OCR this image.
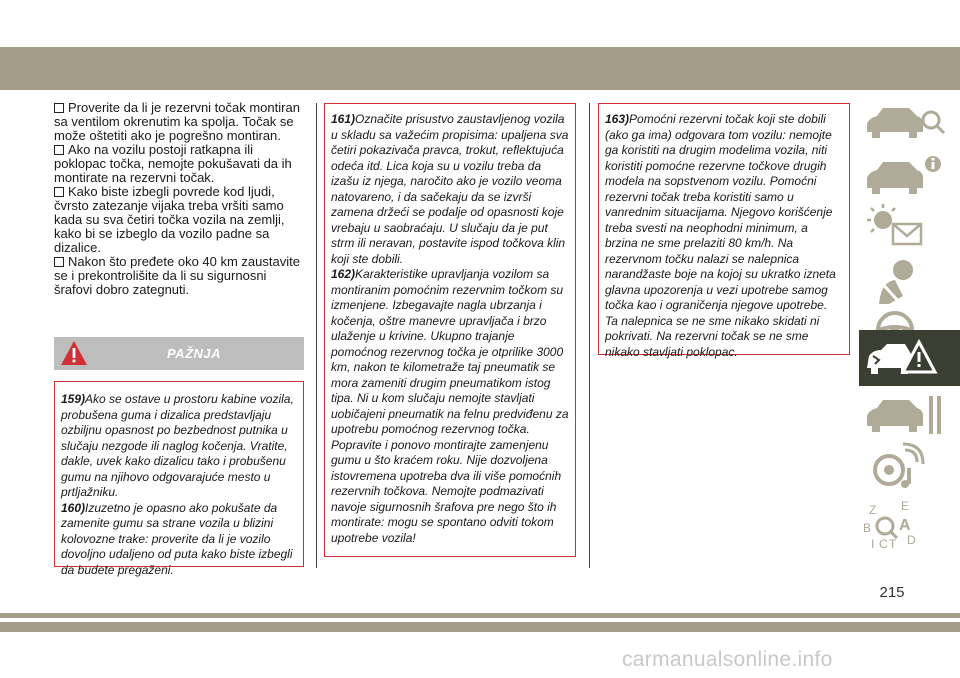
Proverite da li je rezervni točak montiran sa ventilom okrenutim ka spolja. Točak se može oštetiti ako je pogrešno montiran.

Ako na vozilu postoji ratkapna ili poklopac točka, nemojte pokušavati da ih montirate na rezervni točak.

Kako biste izbegli povrede kod ljudi, čvrsto zatezanje vijaka treba vršiti samo kada su sva četiri točka vozila na zemlji, kako bi se izbeglo da vozilo padne sa dizalice.

Nakon što pređete oko 40 km zaustavite se i prekontrolišite da li su sigurnosni šrafovi dobro zategnuti.

PAŽNJA

159)Ako se ostave u prostoru kabine vozila, probušena guma i dizalica predstavljaju ozbiljnu opasnost po bezbednost putnika u slučaju nezgode ili naglog kočenja. Vratite, dakle, uvek kako dizalicu tako i probušenu gumu na njihovo odgovarajuće mesto u prtljažniku.

160)Izuzetno je opasno ako pokušate da zamenite gumu sa strane vozila u blizini kolovozne trake: proverite da li je vozilo dovoljno udaljeno od puta kako biste izbegli da budete pregaženi.

161)Označite prisustvo zaustavljenog vozila u skladu sa važećim propisima: upaljena sva četiri pokazivača pravca, trokut, reflektujuća odeća itd. Lica koja su u vozilu treba da izašu iz njega, naročito ako je vozilo veoma natovareno, i da sačekaju da se izvrši zamena držeći se podalje od opasnosti koje vrebaju u saobraćaju. U slučaju da je put strm ili neravan, postavite ispod točkova klin koji ste dobili.

162)Karakteristike upravljanja vozilom sa montiranim pomoćnim rezervnim točkom su izmenjene. Izbegavajte nagla ubrzanja i kočenja, oštre manevre upravljača i brzo ulaženje u krivine. Ukupno trajanje pomoćnog rezervnog točka je otprilike 3000 km, nakon te kilometraže taj pneumatik se mora zameniti drugim pneumatikom istog tipa. Ni u kom slučaju nemojte stavljati uobičajeni pneumatik na felnu predviđenu za upotrebu pomoćnog rezervnog točka. Popravite i ponovo montirajte zamenjenu gumu u što kraćem roku. Nije dozvoljena istovremena upotreba dva ili više pomoćnih rezervnih točkova. Nemojte podmazivati navoje sigurnosnih šrafova pre nego što ih montirate: mogu se spontano odviti tokom upotrebe vozila!

163)Pomoćni rezervni točak koji ste dobili (ako ga ima) odgovara tom vozilu: nemojte ga koristiti na drugim modelima vozila, niti koristiti pomoćne rezervne točkove drugih modela na sopstvenom vozilu. Pomoćni rezervni točak treba koristiti samo u vanrednim situacijama. Njegovo korišćenje treba svesti na neophodni minimum, a brzina ne sme prelaziti 80 km/h. Na rezervnom točku nalazi se nalepnica narandžaste boje na kojoj su ukratko izneta glavna upozorenja u vezi upotrebe samog točka kao i ograničenja njegove upotrebe. Ta nalepnica se ne sme nikako skidati ni pokrivati. Na rezervni točak se ne sme nikako stavljati poklopac.

Z E
B A
I C T D
215
carmanualsonline.info
